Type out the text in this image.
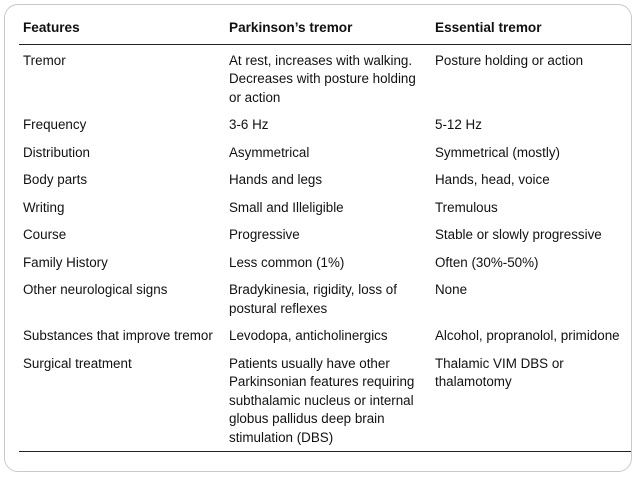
Features	Parkinson’s tremor	Essential tremor
Tremor	At rest, increases with walking. Decreases with posture holding or action	Posture holding or action
Frequency	3-6 Hz	5-12 Hz
Distribution	Asymmetrical	Symmetrical (mostly)
Body parts	Hands and legs	Hands, head, voice
Writing	Small and Illeligible	Tremulous
Course	Progressive	Stable or slowly progressive
Family History	Less common (1%)	Often (30%-50%)
Other neurological signs	Bradykinesia, rigidity, loss of postural reflexes	None
Substances that improve tremor	Levodopa, anticholinergics	Alcohol, propranolol, primidone
Surgical treatment	Patients usually have other Parkinsonian features requiring subthalamic nucleus or internal globus pallidus deep brain stimulation (DBS)	Thalamic VIM DBS or thalamotomy
